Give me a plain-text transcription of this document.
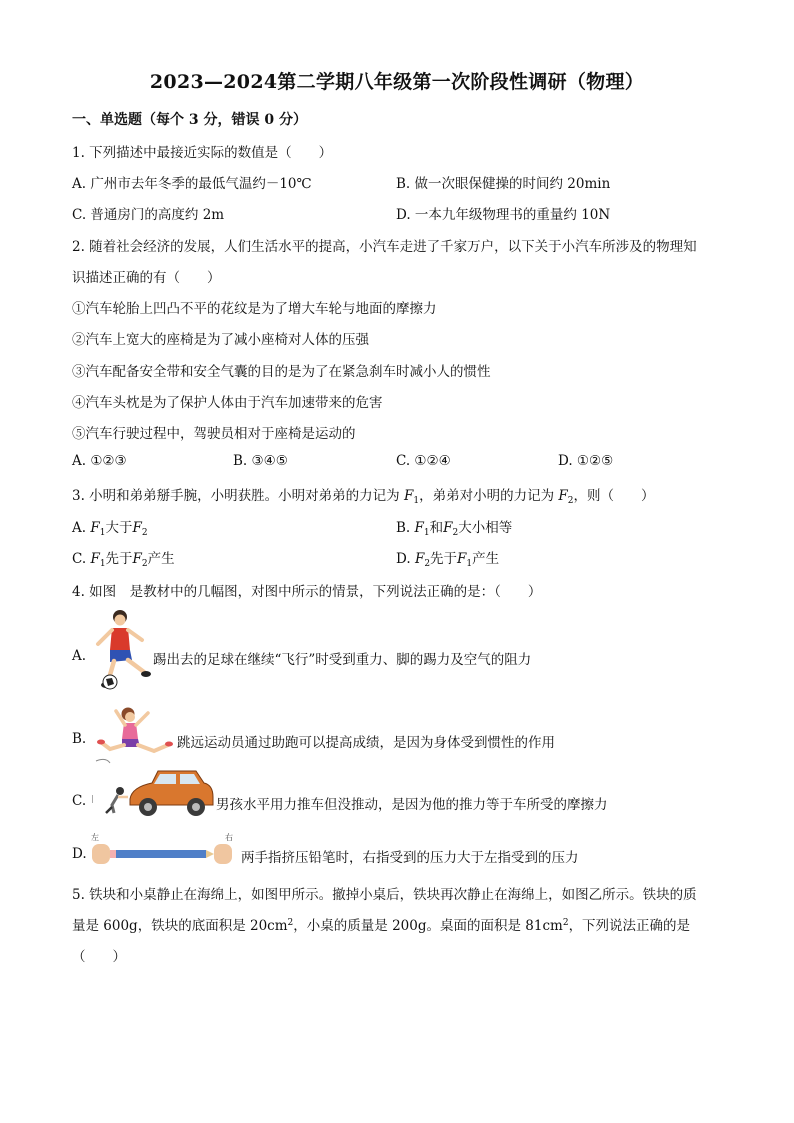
2023—2024第二学期八年级第一次阶段性调研（物理）
一、单选题（每个 3 分，错误 0 分）
1. 下列描述中最接近实际的数值是（　　）
A. 广州市去年冬季的最低气温约－10℃	B. 做一次眼保健操的时间约 20min
C. 普通房门的高度约 2m	D. 一本九年级物理书的重量约 10N
2. 随着社会经济的发展，人们生活水平的提高，小汽车走进了千家万户，以下关于小汽车所涉及的物理知
识描述正确的有（　　）
①汽车轮胎上凹凸不平的花纹是为了增大车轮与地面的摩擦力
②汽车上宽大的座椅是为了减小座椅对人体的压强
③汽车配备安全带和安全气囊的目的是为了在紧急刹车时减小人的惯性
④汽车头枕是为了保护人体由于汽车加速带来的危害
⑤汽车行驶过程中，驾驶员相对于座椅是运动的
A. ①②③	B. ③④⑤	C. ①②④	D. ①②⑤
3. 小明和弟弟掰手腕，小明获胜。小明对弟弟的力记为 $F_1$，弟弟对小明的力记为 $F_2$，则（　　）
A. $F_1$大于$F_2$	B. $F_1$和$F_2$大小相等
C. $F_1$先于$F_2$产生	D. $F_2$先于$F_1$产生
4. 如图　是教材中的几幅图，对图中所示的情景，下列说法正确的是：（　　）
A.	踢出去的足球在继续“飞行”时受到重力、脚的踢力及空气的阻力
B.	跳远运动员通过助跑可以提高成绩，是因为身体受到惯性的作用
C.	男孩水平用力推车但没推动，是因为他的推力等于车所受的摩擦力
D.
左	右
两手指挤压铅笔时，右指受到的压力大于左指受到的压力
5. 铁块和小桌静止在海绵上，如图甲所示。撤掉小桌后，铁块再次静止在海绵上，如图乙所示。铁块的质
量是 600g，铁块的底面积是 $20cm^2$，小桌的质量是 200g。桌面的面积是 $81cm^2$，下列说法正确的是
（　　）
